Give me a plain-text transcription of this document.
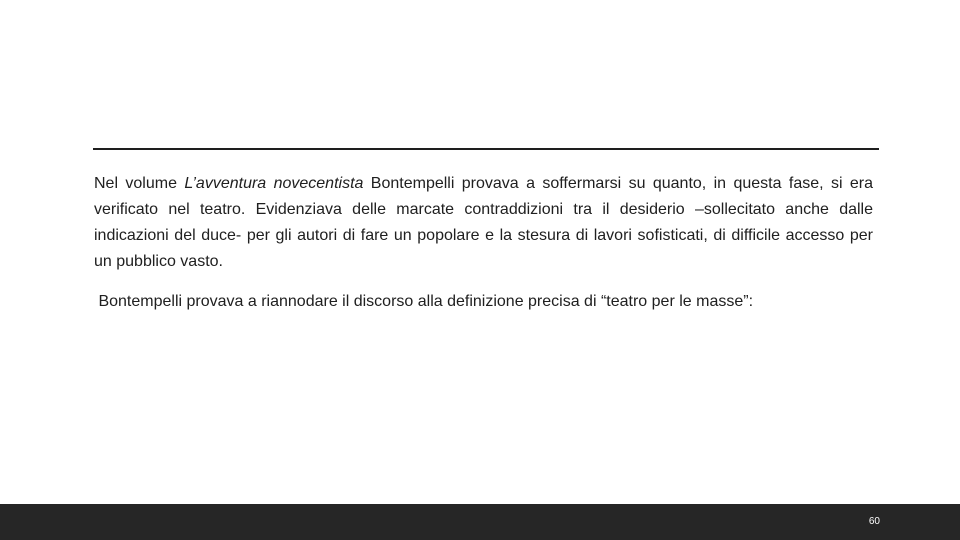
Nel volume L’avventura novecentista Bontempelli provava a soffermarsi su quanto, in questa fase, si era verificato nel teatro. Evidenziava delle marcate contraddizioni tra il desiderio –sollecitato anche dalle indicazioni del duce- per gli autori di fare un popolare e la stesura di lavori sofisticati, di difficile accesso per un pubblico vasto.

Bontempelli provava a riannodare il discorso alla definizione precisa di “teatro per le masse”:

60
